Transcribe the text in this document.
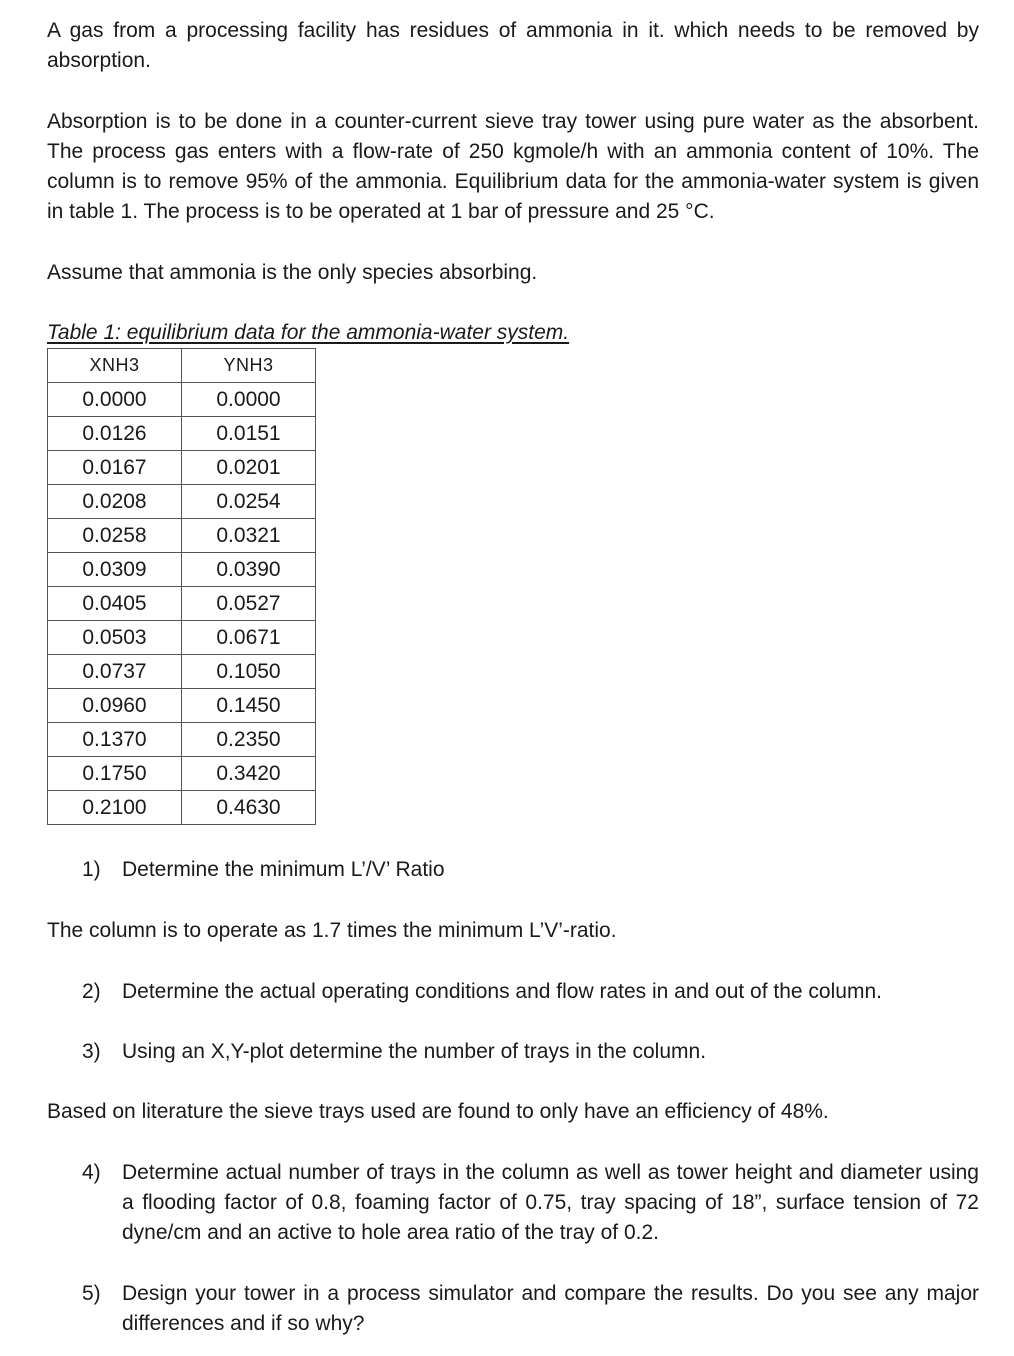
A gas from a processing facility has residues of ammonia in it. which needs to be removed by absorption.

Absorption is to be done in a counter-current sieve tray tower using pure water as the absorbent. The process gas enters with a flow-rate of 250 kgmole/h with an ammonia content of 10%. The column is to remove 95% of the ammonia. Equilibrium data for the ammonia-water system is given in table 1. The process is to be operated at 1 bar of pressure and 25 °C.

Assume that ammonia is the only species absorbing.

Table 1: equilibrium data for the ammonia-water system.
XNH3	YNH3
0.0000	0.0000
0.0126	0.0151
0.0167	0.0201
0.0208	0.0254
0.0258	0.0321
0.0309	0.0390
0.0405	0.0527
0.0503	0.0671
0.0737	0.1050
0.0960	0.1450
0.1370	0.2350
0.1750	0.3420
0.2100	0.4630
1)	Determine the minimum L’/V’ Ratio

The column is to operate as 1.7 times the minimum L’V’-ratio.

2)	Determine the actual operating conditions and flow rates in and out of the column.
3)	Using an X,Y-plot determine the number of trays in the column.

Based on literature the sieve trays used are found to only have an efficiency of 48%.

4)	Determine actual number of trays in the column as well as tower height and diameter using a flooding factor of 0.8, foaming factor of 0.75, tray spacing of 18”, surface tension of 72 dyne/cm and an active to hole area ratio of the tray of 0.2.
5)	Design your tower in a process simulator and compare the results. Do you see any major differences and if so why?
